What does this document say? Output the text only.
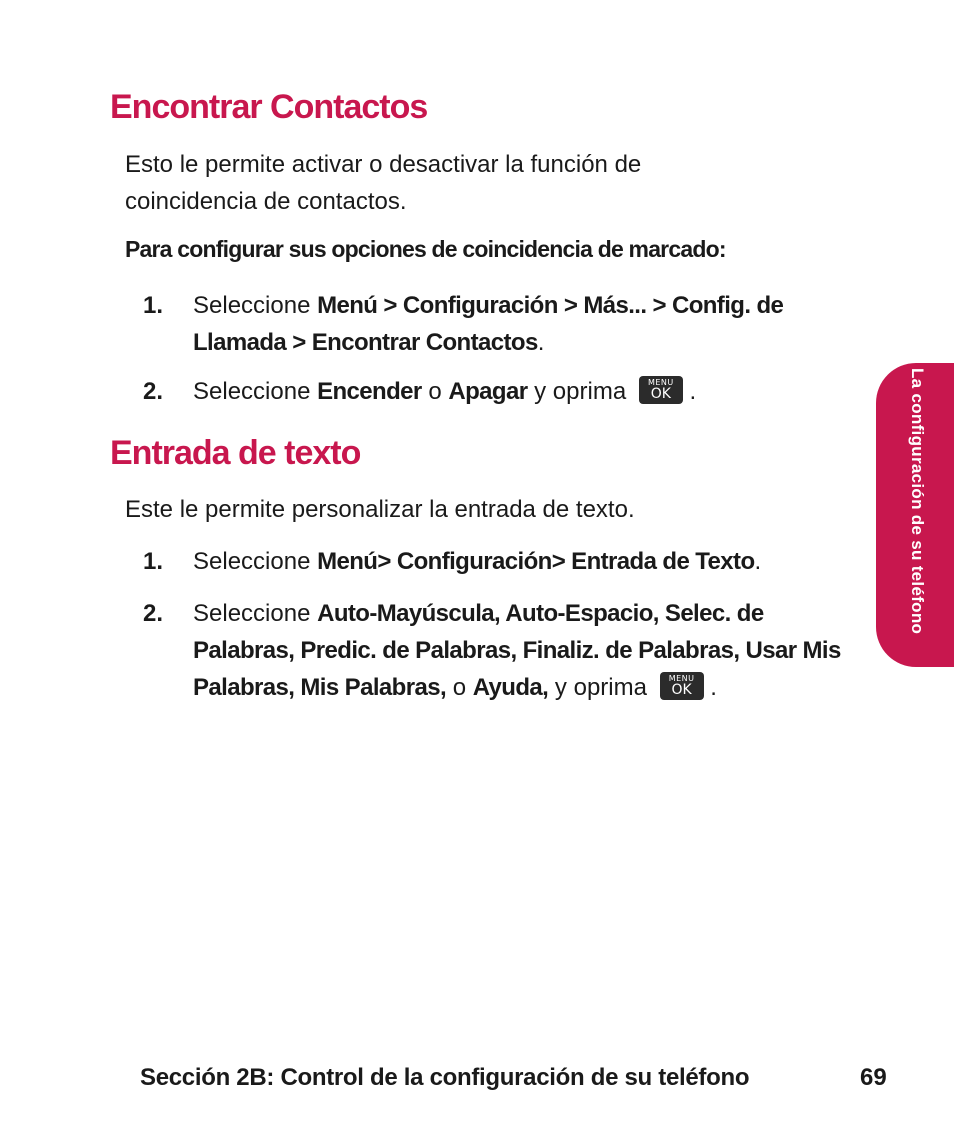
Encontrar Contactos

Esto le permite activar o desactivar la función de
coincidencia de contactos.

Para configurar sus opciones de coincidencia de marcado:

1. Seleccione Menú > Configuración > Más... > Config. de
Llamada > Encontrar Contactos.
2. Seleccione Encender o Apagar y oprima	MENU
OK .
Entrada de texto

Este le permite personalizar la entrada de texto.

1. Seleccione Menú> Configuración> Entrada de Texto.
2. Seleccione Auto-Mayúscula, Auto-Espacio, Selec. de
Palabras, Predic. de Palabras, Finaliz. de Palabras, Usar Mis
Palabras, Mis Palabras, o Ayuda, y oprima	MENU
OK .
La configuración de su teléfono
Sección 2B: Control de la configuración de su teléfono	69
